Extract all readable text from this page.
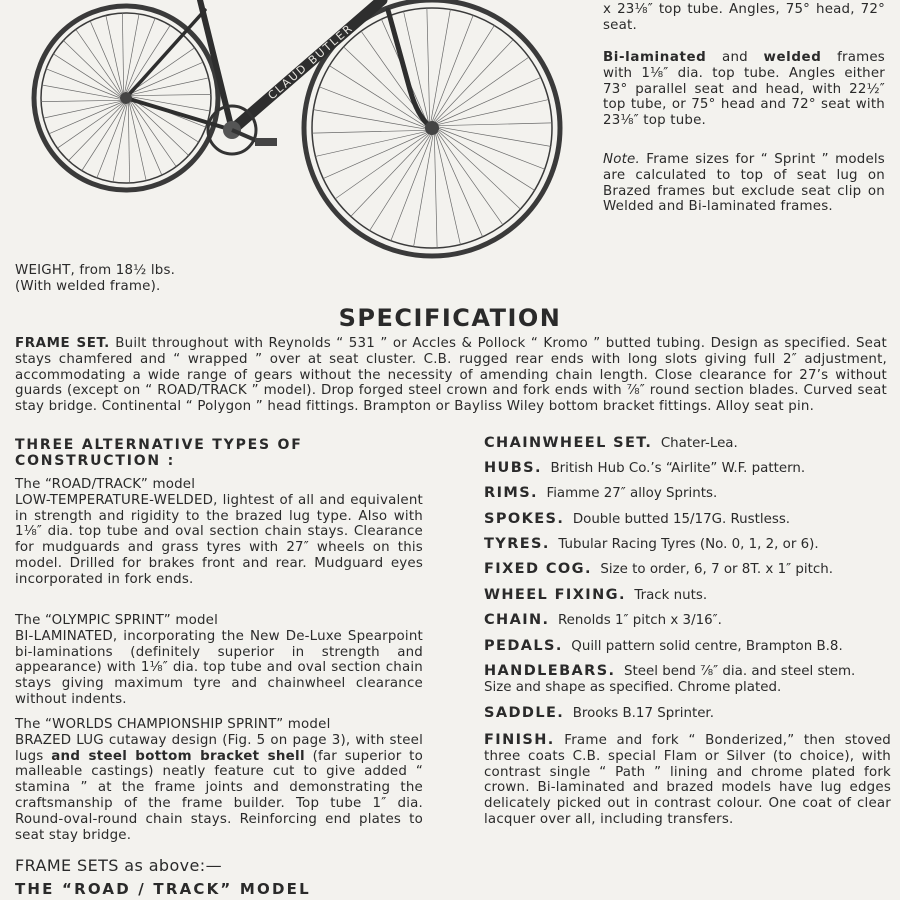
CLAUD BUTLER
x 23⅛″ top tube. Angles, 75° head, 72° seat.
Bi-laminated and welded frames with 1⅛″ dia. top tube. Angles either 73° parallel seat and head, with 22½″ top tube, or 75° head and 72° seat with 23⅛″ top tube.
Note. Frame sizes for “ Sprint ” models are calculated to top of seat lug on Brazed frames but exclude seat clip on Welded and Bi-laminated frames.
WEIGHT, from 18½ lbs.
(With welded frame).
SPECIFICATION
FRAME SET. Built throughout with Reynolds “ 531 ” or Accles & Pollock “ Kromo ” butted tubing. Design as specified. Seat stays chamfered and “ wrapped ” over at seat cluster. C.B. rugged rear ends with long slots giving full 2″ adjustment, accommodating a wide range of gears without the necessity of amending chain length. Close clearance for 27’s without guards (except on “ ROAD/TRACK ” model). Drop forged steel crown and fork ends with ⅞″ round section blades. Curved seat stay bridge. Continental “ Polygon ” head fittings. Brampton or Bayliss Wiley bottom bracket fittings. Alloy seat pin.
THREE ALTERNATIVE TYPES OF CONSTRUCTION :
The “ROAD/TRACK” model
LOW-TEMPERATURE-WELDED, lightest of all and equivalent in strength and rigidity to the brazed lug type. Also with 1⅛″ dia. top tube and oval section chain stays. Clearance for mudguards and grass tyres with 27″ wheels on this model. Drilled for brakes front and rear. Mudguard eyes incorporated in fork ends.
The “OLYMPIC SPRINT” model
BI-LAMINATED, incorporating the New De-Luxe Spearpoint bi-laminations (definitely superior in strength and appearance) with 1⅛″ dia. top tube and oval section chain stays giving maximum tyre and chainwheel clearance without indents.
The “WORLDS CHAMPIONSHIP SPRINT” model
BRAZED LUG cutaway design (Fig. 5 on page 3), with steel lugs and steel bottom bracket shell (far superior to malleable castings) neatly feature cut to give added “ stamina ” at the frame joints and demonstrating the craftsmanship of the frame builder. Top tube 1″ dia. Round-oval-round chain stays. Reinforcing end plates to seat stay bridge.
CHAINWHEEL SET. Chater-Lea.
HUBS. British Hub Co.’s “Airlite” W.F. pattern.
RIMS. Fiamme 27″ alloy Sprints.
SPOKES. Double butted 15/17G. Rustless.
TYRES. Tubular Racing Tyres (No. 0, 1, 2, or 6).
FIXED COG. Size to order, 6, 7 or 8T. x 1″ pitch.
WHEEL FIXING. Track nuts.
CHAIN. Renolds 1″ pitch x 3/16″.
PEDALS. Quill pattern solid centre, Brampton B.8.
HANDLEBARS. Steel bend ⅞″ dia. and steel stem.
Size and shape as specified. Chrome plated.
SADDLE. Brooks B.17 Sprinter.
FINISH. Frame and fork “ Bonderized,” then stoved three coats C.B. special Flam or Silver (to choice), with contrast single “ Path ” lining and chrome plated fork crown. Bi-laminated and brazed models have lug edges delicately picked out in contrast colour. One coat of clear lacquer over all, including transfers.
FRAME SETS as above:—
THE “ROAD / TRACK” MODEL
